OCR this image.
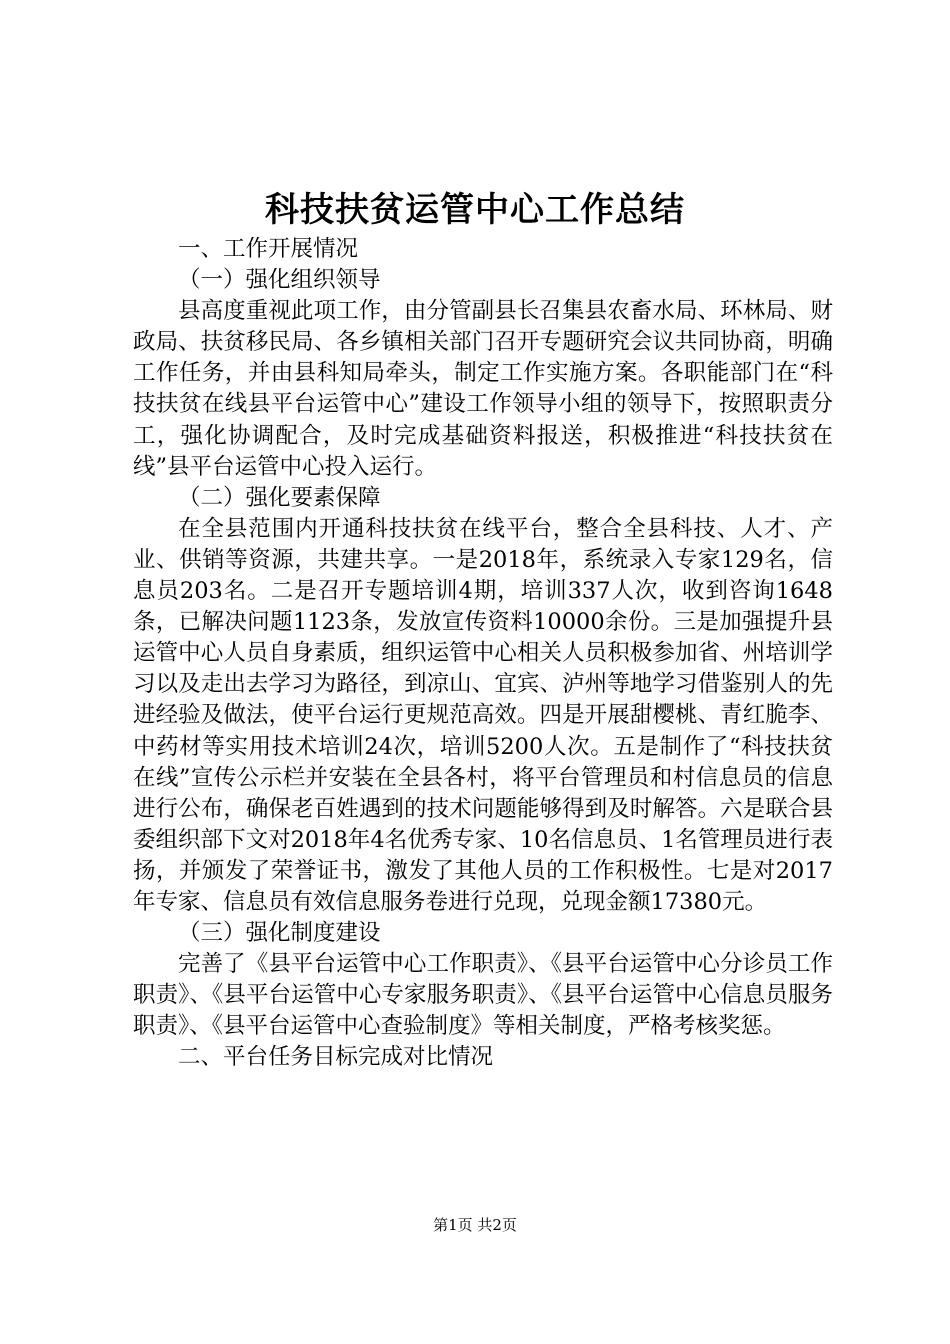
科技扶贫运管中心工作总结

一、工作开展情况

（一）强化组织领导

县高度重视此项工作，由分管副县长召集县农畜水局、环林局、财政局、扶贫移民局、各乡镇相关部门召开专题研究会议共同协商，明确工作任务，并由县科知局牵头，制定工作实施方案。各职能部门在“科技扶贫在线县平台运管中心”建设工作领导小组的领导下，按照职责分工，强化协调配合，及时完成基础资料报送，积极推进“科技扶贫在线”县平台运管中心投入运行。

（二）强化要素保障

在全县范围内开通科技扶贫在线平台，整合全县科技、人才、产业、供销等资源，共建共享。一是2018年，系统录入专家129名，信息员203名。二是召开专题培训4期，培训337人次，收到咨询1648条，已解决问题1123条，发放宣传资料10000余份。三是加强提升县运管中心人员自身素质，组织运管中心相关人员积极参加省、州培训学习以及走出去学习为路径，到凉山、宜宾、泸州等地学习借鉴别人的先进经验及做法，使平台运行更规范高效。四是开展甜樱桃、青红脆李、中药材等实用技术培训24次，培训5200人次。五是制作了“科技扶贫在线”宣传公示栏并安装在全县各村，将平台管理员和村信息员的信息进行公布，确保老百姓遇到的技术问题能够得到及时解答。六是联合县委组织部下文对2018年4名优秀专家、10名信息员、1名管理员进行表扬，并颁发了荣誉证书，激发了其他人员的工作积极性。七是对2017年专家、信息员有效信息服务卷进行兑现，兑现金额17380元。

（三）强化制度建设

完善了《县平台运管中心工作职责》、《县平台运管中心分诊员工作职责》、《县平台运管中心专家服务职责》、《县平台运管中心信息员服务职责》、《县平台运管中心查验制度》等相关制度，严格考核奖惩。

二、平台任务目标完成对比情况

第1页 共2页
